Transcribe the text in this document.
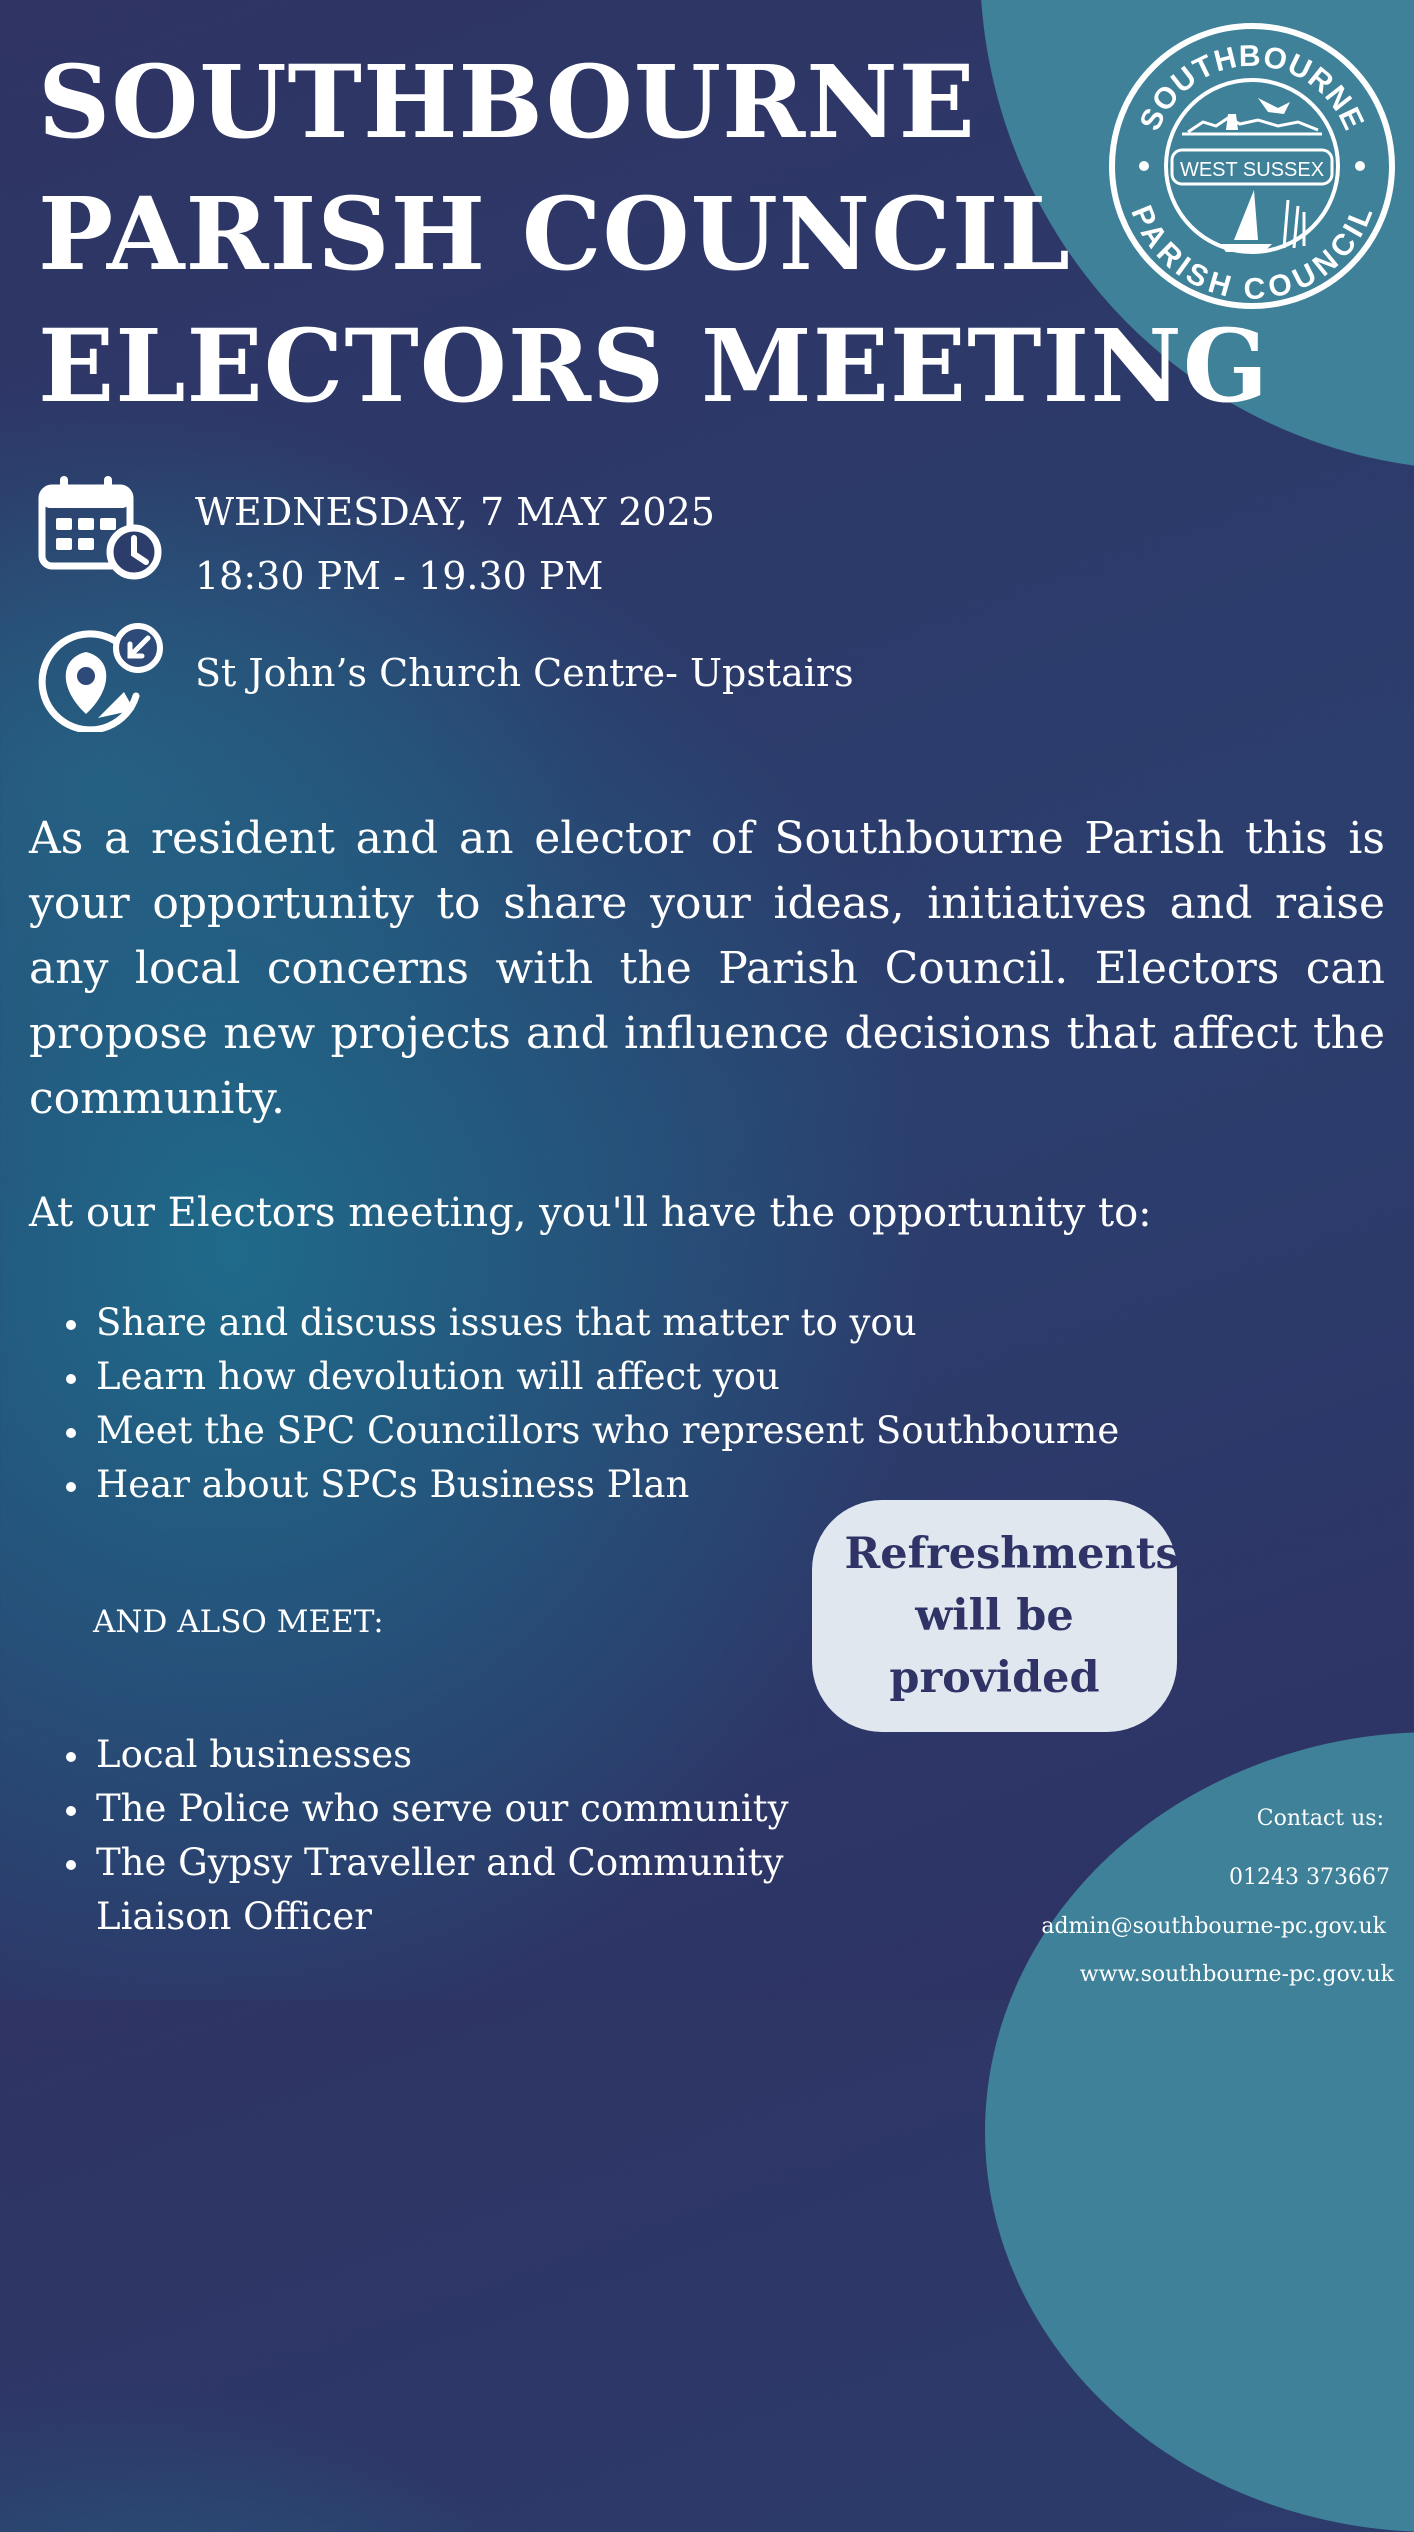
SOUTHBOURNE
PARISH COUNCIL
WEST SUSSEX
SOUTHBOURNE
PARISH COUNCIL
ELECTORS MEETING
WEDNESDAY, 7 MAY 2025
18:30 PM - 19.30 PM
St John’s Church Centre- Upstairs

As a resident and an elector of Southbourne Parish this is your opportunity to share your ideas, initiatives and raise any local concerns with the Parish Council. Electors can propose new projects and influence decisions that affect the community.

At our Electors meeting, you'll have the opportunity to:
Share and discuss issues that matter to you
Learn how devolution will affect you
Meet the SPC Councillors who represent Southbourne
Hear about SPCs Business Plan
AND ALSO MEET:
Refreshments will be provided
Local businesses
The Police who serve our community
The Gypsy Traveller and Community
Liaison Officer
Contact us:
01243 373667
admin@southbourne-pc.gov.uk
www.southbourne-pc.gov.uk
